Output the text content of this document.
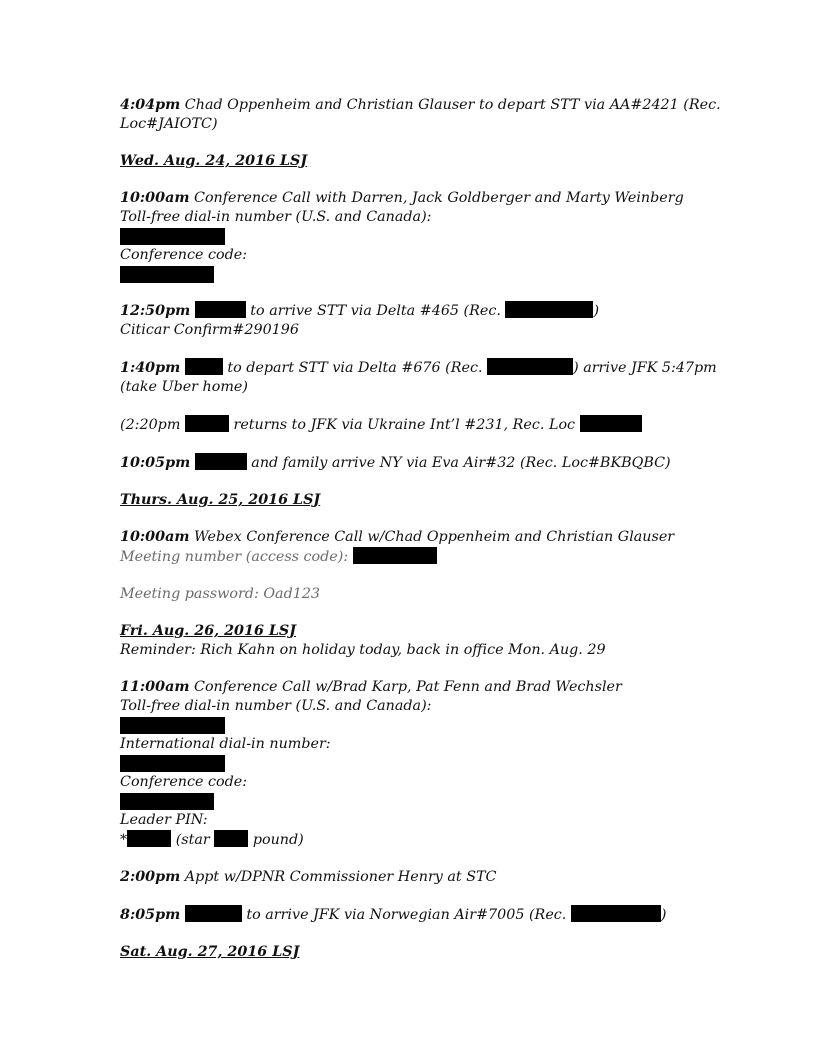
4:04pm Chad Oppenheim and Christian Glauser to depart STT via AA#2421 (Rec.
Loc#JAIOTC)
Wed. Aug. 24, 2016 LSJ
10:00am Conference Call with Darren, Jack Goldberger and Marty Weinberg
Toll-free dial-in number (U.S. and Canada):
Conference code:
12:50pm	to arrive STT via Delta #465 (Rec.	)
Citicar Confirm#290196
1:40pm	to depart STT via Delta #676 (Rec.	) arrive JFK 5:47pm
(take Uber home)
(2:20pm	returns to JFK via Ukraine Int’l #231, Rec. Loc
10:05pm	and family arrive NY via Eva Air#32 (Rec. Loc#BKBQBC)
Thurs. Aug. 25, 2016 LSJ
10:00am Webex Conference Call w/Chad Oppenheim and Christian Glauser
Meeting number (access code):
Meeting password: Oad123
Fri. Aug. 26, 2016 LSJ
Reminder: Rich Kahn on holiday today, back in office Mon. Aug. 29
11:00am Conference Call w/Brad Karp, Pat Fenn and Brad Wechsler
Toll-free dial-in number (U.S. and Canada):
International dial-in number:
Conference code:
Leader PIN:
*	(star	pound)
2:00pm Appt w/DPNR Commissioner Henry at STC
8:05pm	to arrive JFK via Norwegian Air#7005 (Rec.	)
Sat. Aug. 27, 2016 LSJ
